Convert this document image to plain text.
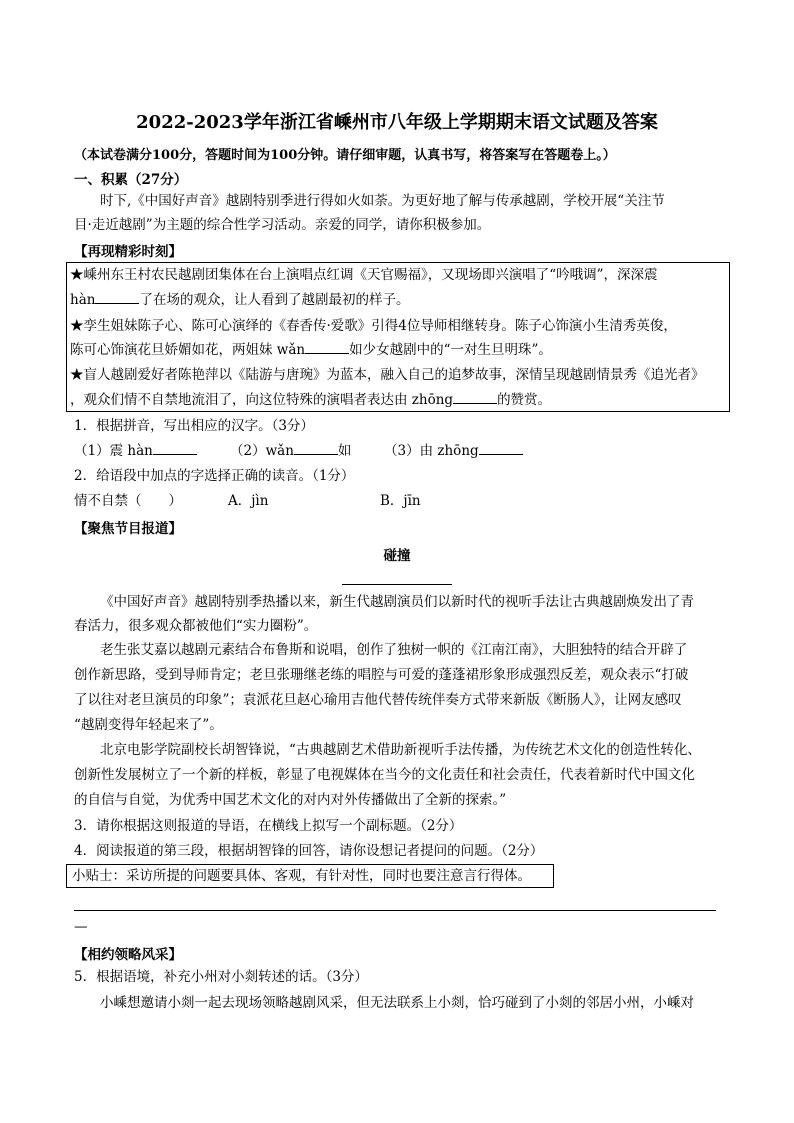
2022-2023学年浙江省嵊州市八年级上学期期末语文试题及答案
（本试卷满分100分，答题时间为100分钟。请仔细审题，认真书写，将答案写在答题卷上。）
一、积累（27分）
时下,《中国好声音》越剧特别季进行得如火如荼。为更好地了解与传承越剧，学校开展“关注节
目·走近越剧”为主题的综合性学习活动。亲爱的同学，请你积极参加。
【再现精彩时刻】
★嵊州东王村农民越剧团集体在台上演唱点红调《天官赐福》，又现场即兴演唱了“吟哦调”，深深震
hàn	了在场的观众，让人看到了越剧最初的样子。
★孪生姐妹陈子心、陈可心演绎的《春香传·爱歌》引得4位导师相继转身。陈子心饰演小生清秀英俊，
陈可心饰演花旦娇媚如花，两姐妹 wǎn	如少女越剧中的“一对生旦明珠”。
★盲人越剧爱好者陈艳萍以《陆游与唐琬》为蓝本，融入自己的追梦故事，深情呈现越剧情景秀《追光者》
，观众们情不自禁地流泪了，向这位特殊的演唱者表达由 zhōng	的赞赏。
1．根据拼音，写出相应的汉字。（3分）
（1）震 hàn	（2）wǎn	如 （3）由 zhōng
2．给语段中加点的字选择正确的读音。（1分）
情不自禁（　　）	A．jìn	B．jīn
【聚焦节目报道】
碰撞
《中国好声音》越剧特别季热播以来，新生代越剧演员们以新时代的视听手法让古典越剧焕发出了青
春活力，很多观众都被他们“实力圈粉”。
老生张艾嘉以越剧元素结合布鲁斯和说唱，创作了独树一帜的《江南江南》，大胆独特的结合开辟了
创作新思路，受到导师肯定；老旦张珊继老练的唱腔与可爱的蓬蓬裙形象形成强烈反差，观众表示“打破
了以往对老旦演员的印象”；袁派花旦赵心瑜用吉他代替传统伴奏方式带来新版《断肠人》，让网友感叹
“越剧变得年轻起来了”。
北京电影学院副校长胡智锋说，“古典越剧艺术借助新视听手法传播，为传统艺术文化的创造性转化、
创新性发展树立了一个新的样板，彰显了电视媒体在当今的文化责任和社会责任，代表着新时代中国文化
的自信与自觉，为优秀中国艺术文化的对内对外传播做出了全新的探索。”
3．请你根据这则报道的导语，在横线上拟写一个副标题。（2分）
4．阅读报道的第三段，根据胡智锋的回答，请你设想记者提问的问题。（2分）
小贴士：采访所提的问题要具体、客观，有针对性，同时也要注意言行得体。
—
【相约领略风采】
5．根据语境，补充小州对小剡转述的话。（3分）
小嵊想邀请小剡一起去现场领略越剧风采，但无法联系上小剡，恰巧碰到了小剡的邻居小州，小嵊对
